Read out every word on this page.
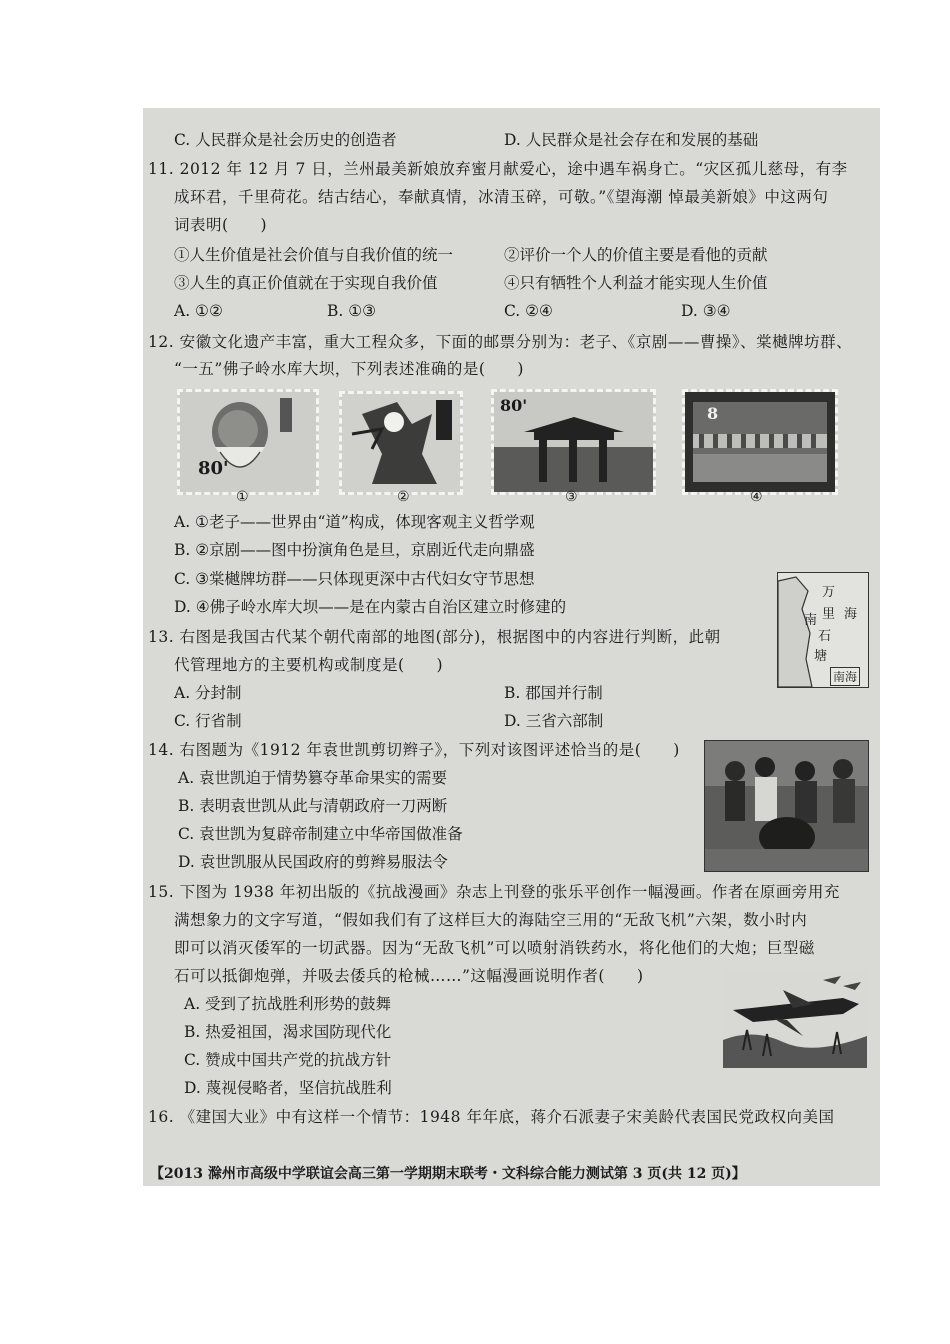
C. 人民群众是社会历史的创造者	D. 人民群众是社会存在和发展的基础
11. 2012 年 12 月 7 日，兰州最美新娘放弃蜜月献爱心，途中遇车祸身亡。“灾区孤儿慈母，有李
成环君，千里荷花。结古结心，奉献真情，冰清玉碎，可敬。”《望海潮 悼最美新娘》中这两句
词表明(　　)
①人生价值是社会价值与自我价值的统一	②评价一个人的价值主要是看他的贡献
③人生的真正价值就在于实现自我价值	④只有牺牲个人利益才能实现人生价值
A. ①②	B. ①③	C. ②④	D. ③④
12. 安徽文化遗产丰富，重大工程众多，下面的邮票分别为：老子、《京剧——曹操》、棠樾牌坊群、
“一五”佛子岭水库大坝，下列表述准确的是(　　)
80'
①	②
80'
③
8
④
A. ①老子——世界由“道”构成，体现客观主义哲学观
B. ②京剧——图中扮演角色是旦，京剧近代走向鼎盛
C. ③棠樾牌坊群——只体现更深中古代妇女守节思想
D. ④佛子岭水库大坝——是在内蒙古自治区建立时修建的
万
海
南 里
石
塘
南海
13. 右图是我国古代某个朝代南部的地图(部分)，根据图中的内容进行判断，此朝
代管理地方的主要机构或制度是(　　)
A. 分封制	B. 郡国并行制
C. 行省制	D. 三省六部制
14. 右图题为《1912 年袁世凯剪切辫子》，下列对该图评述恰当的是(　　)
A. 袁世凯迫于情势篡夺革命果实的需要
B. 表明袁世凯从此与清朝政府一刀两断
C. 袁世凯为复辟帝制建立中华帝国做准备
D. 袁世凯服从民国政府的剪辫易服法令
15. 下图为 1938 年初出版的《抗战漫画》杂志上刊登的张乐平创作一幅漫画。作者在原画旁用充
满想象力的文字写道，“假如我们有了这样巨大的海陆空三用的“无敌飞机”六架，数小时内
即可以消灭倭军的一切武器。因为“无敌飞机”可以喷射消铁药水，将化他们的大炮；巨型磁
石可以抵御炮弹，并吸去倭兵的枪械……”这幅漫画说明作者(　　)
A. 受到了抗战胜利形势的鼓舞
B. 热爱祖国，渴求国防现代化
C. 赞成中国共产党的抗战方针
D. 蔑视侵略者，坚信抗战胜利
16. 《建国大业》中有这样一个情节：1948 年年底，蒋介石派妻子宋美龄代表国民党政权向美国
【2013 滁州市高级中学联谊会高三第一学期期末联考・文科综合能力测试第 3 页(共 12 页)】
